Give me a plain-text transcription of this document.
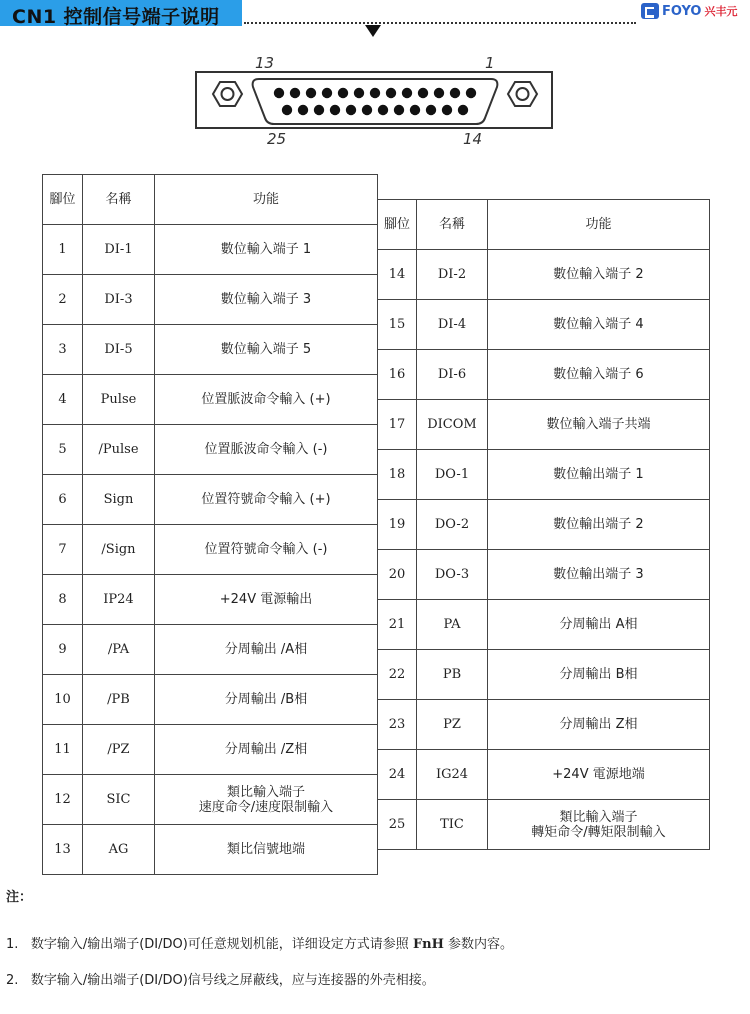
CN1 控制信号端子说明	FOYO 兴丰元
13	1
25	14
腳位	名稱	功能
1	DI-1	數位輸入端子 1

2	DI-3	數位輸入端子 3

3	DI-5	數位輸入端子 5

4	Pulse	位置脈波命令輸入 (+)

5	/Pulse	位置脈波命令輸入 (-)

6	Sign	位置符號命令輸入 (+)

7	/Sign	位置符號命令輸入 (-)

8	IP24	+24V 電源輸出

9	/PA	分周輸出 /A相

10	/PB	分周輸出 /B相

11	/PZ	分周輸出 /Z相

12	SIC	類比輸入端子
速度命令/速度限制輸入

13	AG	類比信號地端
腳位	名稱	功能
14	DI-2	數位輸入端子 2

15	DI-4	數位輸入端子 4

16	DI-6	數位輸入端子 6

17	DICOM	數位輸入端子共端

18	DO-1	數位輸出端子 1

19	DO-2	數位輸出端子 2

20	DO-3	數位輸出端子 3

21	PA	分周輸出 A相

22	PB	分周輸出 B相

23	PZ	分周輸出 Z相

24	IG24	+24V 電源地端

25	TIC	類比輸入端子
轉矩命令/轉矩限制輸入
注：
1. 数字输入/输出端子(DI/DO)可任意规划机能，详细设定方式请参照 FnH 参数内容。
2. 数字输入/输出端子(DI/DO)信号线之屏蔽线，应与连接器的外壳相接。
